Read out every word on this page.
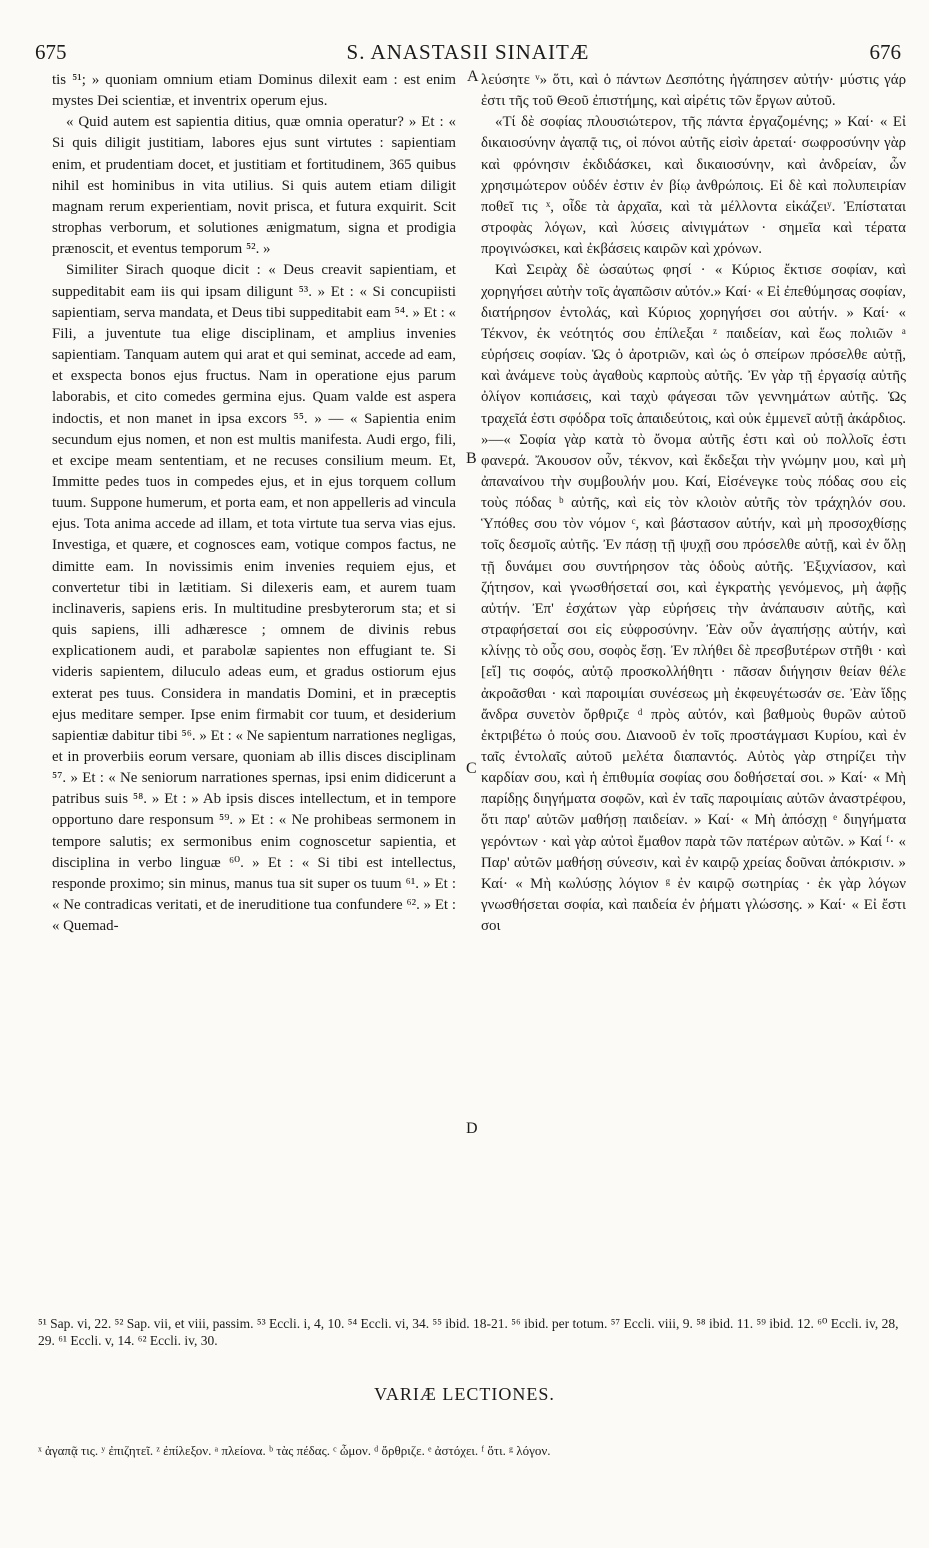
675	S. ANASTASII SINAITÆ	676
A
B
C
D

tis ⁵¹; » quoniam omnium etiam Dominus dilexit eam : est enim mystes Dei scientiæ, et inventrix operum ejus.

« Quid autem est sapientia ditius, quæ omnia operatur? » Et : « Si quis diligit justitiam, labores ejus sunt virtutes : sapientiam enim, et prudentiam docet, et justitiam et fortitudinem, 365 quibus nihil est hominibus in vita utilius. Si quis autem etiam diligit magnam rerum experientiam, novit prisca, et futura exquirit. Scit strophas verborum, et solutiones ænigmatum, signa et prodigia prænoscit, et eventus temporum ⁵². »

Similiter Sirach quoque dicit : « Deus creavit sapientiam, et suppeditabit eam iis qui ipsam diligunt ⁵³. » Et : « Si concupiisti sapientiam, serva mandata, et Deus tibi suppeditabit eam ⁵⁴. » Et : « Fili, a juventute tua elige disciplinam, et amplius invenies sapientiam. Tanquam autem qui arat et qui seminat, accede ad eam, et exspecta bonos ejus fructus. Nam in operatione ejus parum laborabis, et cito comedes germina ejus. Quam valde est aspera indoctis, et non manet in ipsa excors ⁵⁵. » — « Sapientia enim secundum ejus nomen, et non est multis manifesta. Audi ergo, fili, et excipe meam sententiam, et ne recuses consilium meum. Et, Immitte pedes tuos in compedes ejus, et in ejus torquem collum tuum. Suppone humerum, et porta eam, et non appelleris ad vincula ejus. Tota anima accede ad illam, et tota virtute tua serva vias ejus. Investiga, et quære, et cognosces eam, votique compos factus, ne dimitte eam. In novissimis enim invenies requiem ejus, et convertetur tibi in lætitiam. Si dilexeris eam, et aurem tuam inclinaveris, sapiens eris. In multitudine presbyterorum sta; et si quis sapiens, illi adhæresce ; omnem de divinis rebus explicationem audi, et parabolæ sapientes non effugiant te. Si videris sapientem, diluculo adeas eum, et gradus ostiorum ejus exterat pes tuus. Considera in mandatis Domini, et in præceptis ejus meditare semper. Ipse enim firmabit cor tuum, et desiderium sapientiæ dabitur tibi ⁵⁶. » Et : « Ne sapientum narrationes negligas, et in proverbiis eorum versare, quoniam ab illis disces disciplinam ⁵⁷. » Et : « Ne seniorum narrationes spernas, ipsi enim didicerunt a patribus suis ⁵⁸. » Et : » Ab ipsis disces intellectum, et in tempore opportuno dare responsum ⁵⁹. » Et : « Ne prohibeas sermonem in tempore salutis; ex sermonibus enim cognoscetur sapientia, et disciplina in verbo linguæ ⁶⁰. » Et : « Si tibi est intellectus, responde proximo; sin minus, manus tua sit super os tuum ⁶¹. » Et : « Ne contradicas veritati, et de ineruditione tua confundere ⁶². » Et : « Quemad-

λεύσητε ᵛ» ὅτι, καὶ ὁ πάντων Δεσπότης ἠγάπησεν αὐτήν· μύστις γάρ ἐστι τῆς τοῦ Θεοῦ ἐπιστήμης, καὶ αἱρέτις τῶν ἔργων αὐτοῦ.

«Τί δὲ σοφίας πλουσιώτερον, τῆς πάντα ἐργαζομένης; » Καί· « Εἰ δικαιοσύνην ἀγαπᾷ τις, οἱ πόνοι αὐτῆς εἰσὶν ἀρεταί· σωφροσύνην γὰρ καὶ φρόνησιν ἐκδιδάσκει, καὶ δικαιοσύνην, καὶ ἀνδρείαν, ὧν χρησιμώτερον οὐδέν ἐστιν ἐν βίῳ ἀνθρώποις. Εἰ δὲ καὶ πολυπειρίαν ποθεῖ τις ˣ, οἶδε τὰ ἀρχαῖα, καὶ τὰ μέλλοντα εἰκάζειʸ. Ἐπίσταται στροφὰς λόγων, καὶ λύσεις αἰνιγμάτων · σημεῖα καὶ τέρατα προγινώσκει, καὶ ἐκβάσεις καιρῶν καὶ χρόνων.

Καὶ Σειρὰχ δὲ ὡσαύτως φησί · « Κύριος ἔκτισε σοφίαν, καὶ χορηγήσει αὐτὴν τοῖς ἀγαπῶσιν αὐτόν.» Καί· « Εἰ ἐπεθύμησας σοφίαν, διατήρησον ἐντολάς, καὶ Κύριος χορηγήσει σοι αὐτήν. » Καί· « Τέκνον, ἐκ νεότητός σου ἐπίλεξαι ᶻ παιδείαν, καὶ ἕως πολιῶν ᵃ εὑρήσεις σοφίαν. Ὡς ὁ ἀροτριῶν, καὶ ὡς ὁ σπείρων πρόσελθε αὐτῇ, καὶ ἀνάμενε τοὺς ἀγαθοὺς καρποὺς αὐτῆς. Ἐν γὰρ τῇ ἐργασίᾳ αὐτῆς ὀλίγον κοπιάσεις, καὶ ταχὺ φάγεσαι τῶν γεννημάτων αὐτῆς. Ὡς τραχεῖά ἐστι σφόδρα τοῖς ἀπαιδεύτοις, καὶ οὐκ ἐμμενεῖ αὐτῇ ἀκάρδιος. »—« Σοφία γὰρ κατὰ τὸ ὄνομα αὐτῆς ἐστι καὶ οὐ πολλοῖς ἐστι φανερά. Ἄκουσον οὖν, τέκνον, καὶ ἔκδεξαι τὴν γνώμην μου, καὶ μὴ ἀπαναίνου τὴν συμβουλήν μου. Καί, Εἰσένεγκε τοὺς πόδας σου εἰς τοὺς πόδας ᵇ αὐτῆς, καὶ εἰς τὸν κλοιὸν αὐτῆς τὸν τράχηλόν σου. Ὑπόθες σου τὸν νόμον ᶜ, καὶ βάστασον αὐτήν, καὶ μὴ προσοχθίσῃς τοῖς δεσμοῖς αὐτῆς. Ἐν πάσῃ τῇ ψυχῇ σου πρόσελθε αὐτῇ, καὶ ἐν ὅλῃ τῇ δυνάμει σου συντήρησον τὰς ὁδοὺς αὐτῆς. Ἐξιχνίασον, καὶ ζήτησον, καὶ γνωσθήσεταί σοι, καὶ ἐγκρατὴς γενόμενος, μὴ ἀφῇς αὐτήν. Ἐπ' ἐσχάτων γὰρ εὑρήσεις τὴν ἀνάπαυσιν αὐτῆς, καὶ στραφήσεταί σοι εἰς εὐφροσύνην. Ἐὰν οὖν ἀγαπήσῃς αὐτήν, καὶ κλίνῃς τὸ οὖς σου, σοφὸς ἔσῃ. Ἐν πλήθει δὲ πρεσβυτέρων στῆθι · καὶ [εἴ] τις σοφός, αὐτῷ προσκολλήθητι · πᾶσαν διήγησιν θείαν θέλε ἀκροᾶσθαι · καὶ παροιμίαι συνέσεως μὴ ἐκφευγέτωσάν σε. Ἐὰν ἴδῃς ἄνδρα συνετὸν ὄρθριζε ᵈ πρὸς αὐτόν, καὶ βαθμοὺς θυρῶν αὐτοῦ ἐκτριβέτω ὁ πούς σου. Διανοοῦ ἐν τοῖς προστάγμασι Κυρίου, καὶ ἐν ταῖς ἐντολαῖς αὐτοῦ μελέτα διαπαντός. Αὐτὸς γὰρ στηρίζει τὴν καρδίαν σου, καὶ ἡ ἐπιθυμία σοφίας σου δοθήσεταί σοι. » Καί· « Μὴ παρίδῃς διηγήματα σοφῶν, καὶ ἐν ταῖς παροιμίαις αὐτῶν ἀναστρέφου, ὅτι παρ' αὐτῶν μαθήσῃ παιδείαν. » Καί· « Μὴ ἀπόσχῃ ᵉ διηγήματα γερόντων · καὶ γὰρ αὐτοὶ ἔμαθον παρὰ τῶν πατέρων αὐτῶν. » Καί ᶠ· « Παρ' αὐτῶν μαθήσῃ σύνεσιν, καὶ ἐν καιρῷ χρείας δοῦναι ἀπόκρισιν. » Καί· « Μὴ κωλύσῃς λόγιον ᵍ ἐν καιρῷ σωτηρίας · ἐκ γὰρ λόγων γνωσθήσεται σοφία, καὶ παιδεία ἐν ῥήματι γλώσσης. » Καί· « Εἰ ἔστι σοι

⁵¹ Sap. vi, 22. ⁵² Sap. vii, et viii, passim. ⁵³ Eccli. i, 4, 10. ⁵⁴ Eccli. vi, 34. ⁵⁵ ibid. 18-21. ⁵⁶ ibid. per totum. ⁵⁷ Eccli. viii, 9. ⁵⁸ ibid. 11. ⁵⁹ ibid. 12. ⁶⁰ Eccli. iv, 28, 29. ⁶¹ Eccli. v, 14. ⁶² Eccli. iv, 30.
VARIÆ LECTIONES.
ˣ ἀγαπᾷ τις. ʸ ἐπιζητεῖ. ᶻ ἐπίλεξον. ᵃ πλείονα. ᵇ τὰς πέδας. ᶜ ὦμον. ᵈ ὄρθριζε. ᵉ ἀστόχει. ᶠ ὅτι. ᵍ λόγον.
